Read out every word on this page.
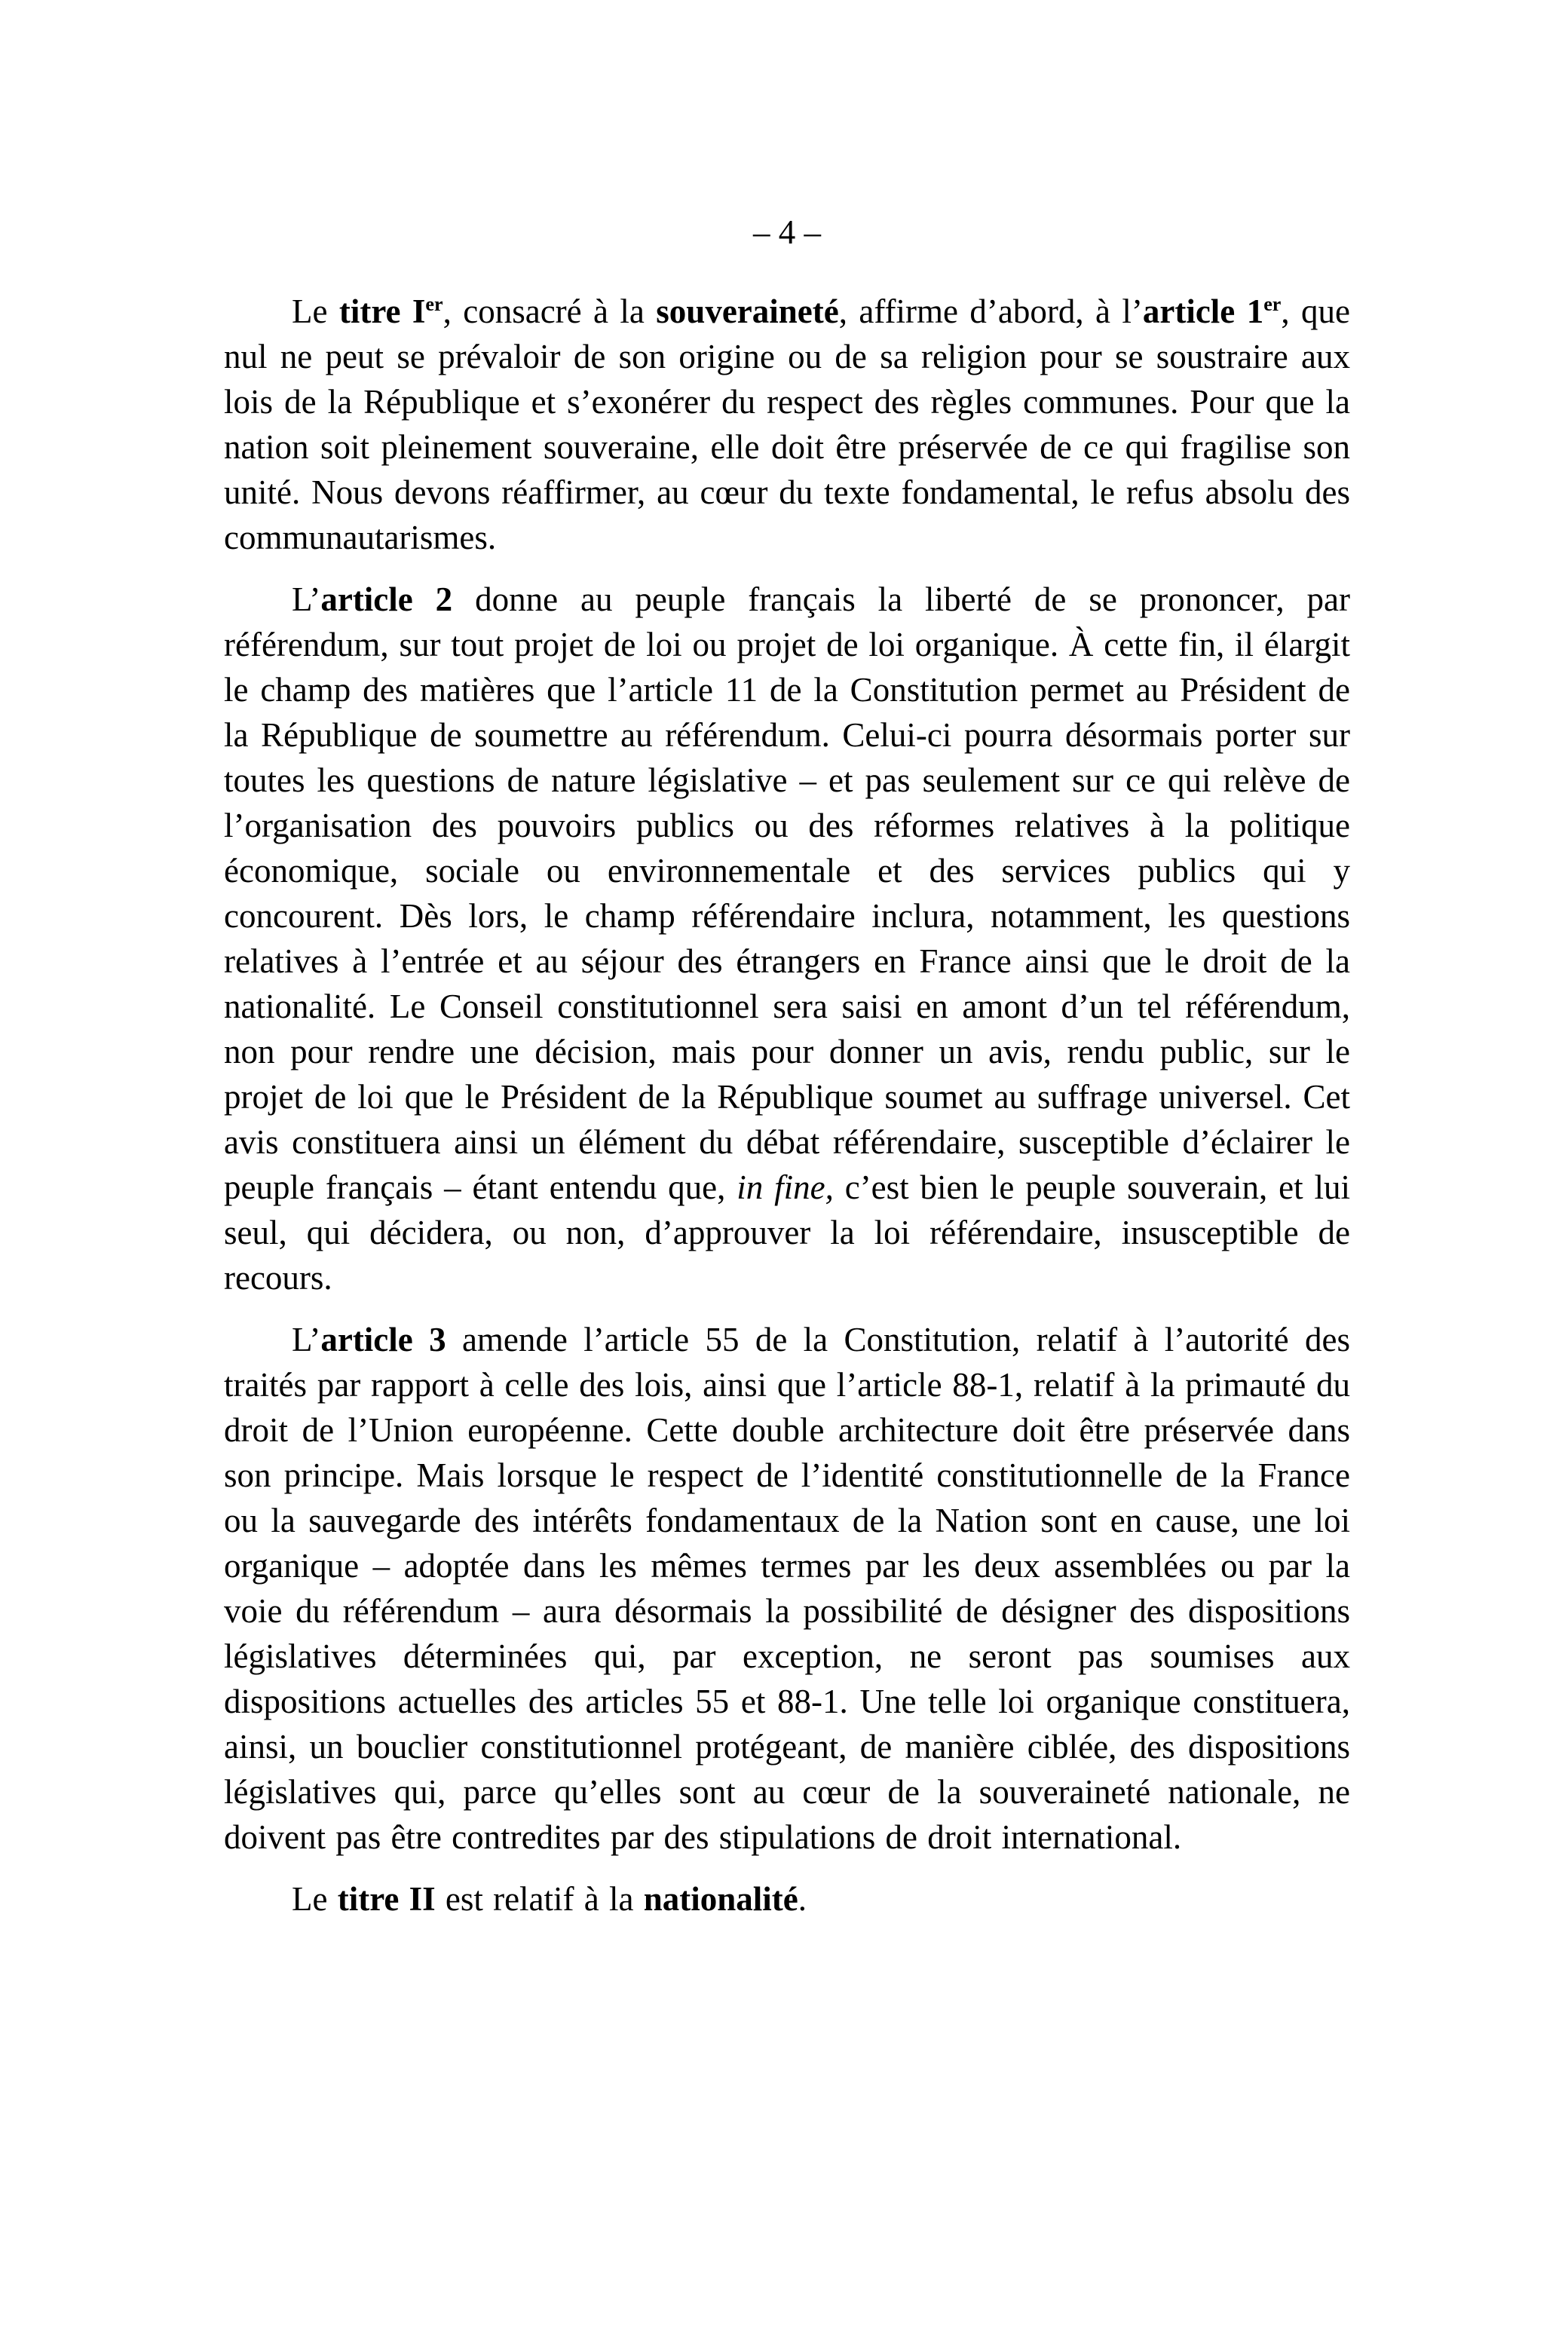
– 4 –

Le titre Ier, consacré à la souveraineté, affirme d’abord, à l’article 1er, que nul ne peut se prévaloir de son origine ou de sa religion pour se soustraire aux lois de la République et s’exonérer du respect des règles communes. Pour que la nation soit pleinement souveraine, elle doit être préservée de ce qui fragilise son unité. Nous devons réaffirmer, au cœur du texte fondamental, le refus absolu des communautarismes.

L’article 2 donne au peuple français la liberté de se prononcer, par référendum, sur tout projet de loi ou projet de loi organique. À cette fin, il élargit le champ des matières que l’article 11 de la Constitution permet au Président de la République de soumettre au référendum. Celui-ci pourra désormais porter sur toutes les questions de nature législative – et pas seulement sur ce qui relève de l’organisation des pouvoirs publics ou des réformes relatives à la politique économique, sociale ou environnementale et des services publics qui y concourent. Dès lors, le champ référendaire inclura, notamment, les questions relatives à l’entrée et au séjour des étrangers en France ainsi que le droit de la nationalité. Le Conseil constitutionnel sera saisi en amont d’un tel référendum, non pour rendre une décision, mais pour donner un avis, rendu public, sur le projet de loi que le Président de la République soumet au suffrage universel. Cet avis constituera ainsi un élément du débat référendaire, susceptible d’éclairer le peuple français – étant entendu que, in fine, c’est bien le peuple souverain, et lui seul, qui décidera, ou non, d’approuver la loi référendaire, insusceptible de recours.

L’article 3 amende l’article 55 de la Constitution, relatif à l’autorité des traités par rapport à celle des lois, ainsi que l’article 88-1, relatif à la primauté du droit de l’Union européenne. Cette double architecture doit être préservée dans son principe. Mais lorsque le respect de l’identité constitutionnelle de la France ou la sauvegarde des intérêts fondamentaux de la Nation sont en cause, une loi organique – adoptée dans les mêmes termes par les deux assemblées ou par la voie du référendum – aura désormais la possibilité de désigner des dispositions législatives déterminées qui, par exception, ne seront pas soumises aux dispositions actuelles des articles 55 et 88-1. Une telle loi organique constituera, ainsi, un bouclier constitutionnel protégeant, de manière ciblée, des dispositions législatives qui, parce qu’elles sont au cœur de la souveraineté nationale, ne doivent pas être contredites par des stipulations de droit international.

Le titre II est relatif à la nationalité.
